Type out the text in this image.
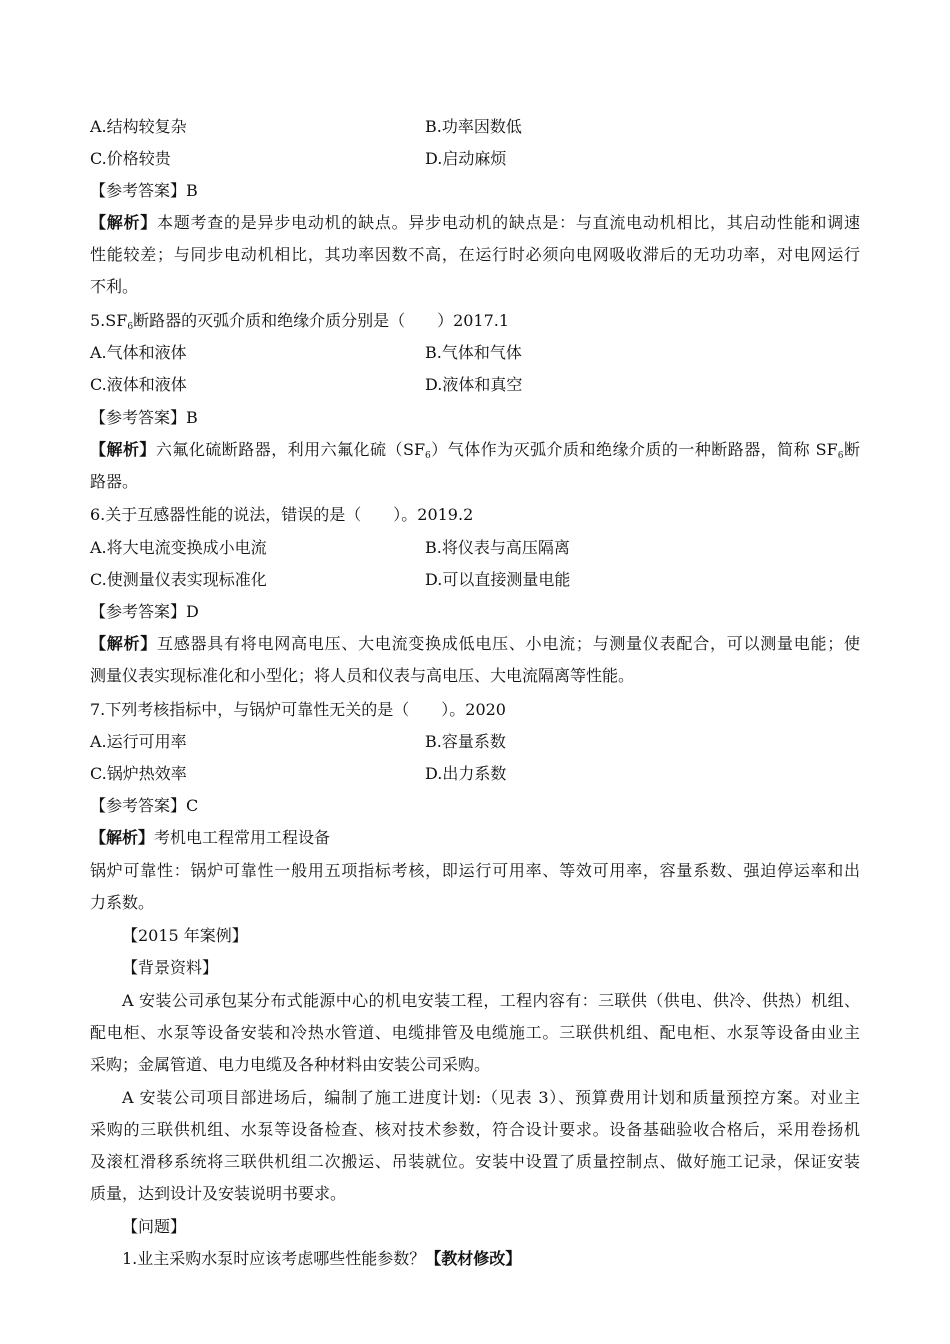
A.结构较复杂	B.功率因数低
C.价格较贵	D.启动麻烦
【参考答案】B
【解析】本题考查的是异步电动机的缺点。异步电动机的缺点是：与直流电动机相比，其启动性能和调速
性能较差；与同步电动机相比，其功率因数不高，在运行时必须向电网吸收滞后的无功功率，对电网运行
不利。
$5.SF_6$断路器的灭弧介质和绝缘介质分别是（　　）2017.1
A.气体和液体	B.气体和气体
C.液体和液体	D.液体和真空
【参考答案】B
【解析】六氟化硫断路器，利用六氟化硫$(SF_6)$气体作为灭弧介质和绝缘介质的一种断路器，简称 $SF_6$断
路器。
6.关于互感器性能的说法，错误的是（　　）。2019.2
A.将大电流变换成小电流	B.将仪表与高压隔离
C.使测量仪表实现标准化	D.可以直接测量电能
【参考答案】D
【解析】互感器具有将电网高电压、大电流变换成低电压、小电流；与测量仪表配合，可以测量电能；使
测量仪表实现标准化和小型化；将人员和仪表与高电压、大电流隔离等性能。
7.下列考核指标中，与锅炉可靠性无关的是（　　）。2020
A.运行可用率	B.容量系数
C.锅炉热效率	D.出力系数
【参考答案】C
【解析】考机电工程常用工程设备
锅炉可靠性：锅炉可靠性一般用五项指标考核，即运行可用率、等效可用率，容量系数、强迫停运率和出
力系数。
【2015 年案例】
【背景资料】
A 安装公司承包某分布式能源中心的机电安装工程，工程内容有：三联供（供电、供冷、供热）机组、
配电柜、水泵等设备安装和冷热水管道、电缆排管及电缆施工。三联供机组、配电柜、水泵等设备由业主
采购；金属管道、电力电缆及各种材料由安装公司采购。
A 安装公司项目部进场后，编制了施工进度计划:（见表 3）、预算费用计划和质量预控方案。对业主
采购的三联供机组、水泵等设备检查、核对技术参数，符合设计要求。设备基础验收合格后，采用卷扬机
及滚杠滑移系统将三联供机组二次搬运、吊装就位。安装中设置了质量控制点、做好施工记录，保证安装
质量，达到设计及安装说明书要求。
【问题】
1.业主采购水泵时应该考虑哪些性能参数？【教材修改】
